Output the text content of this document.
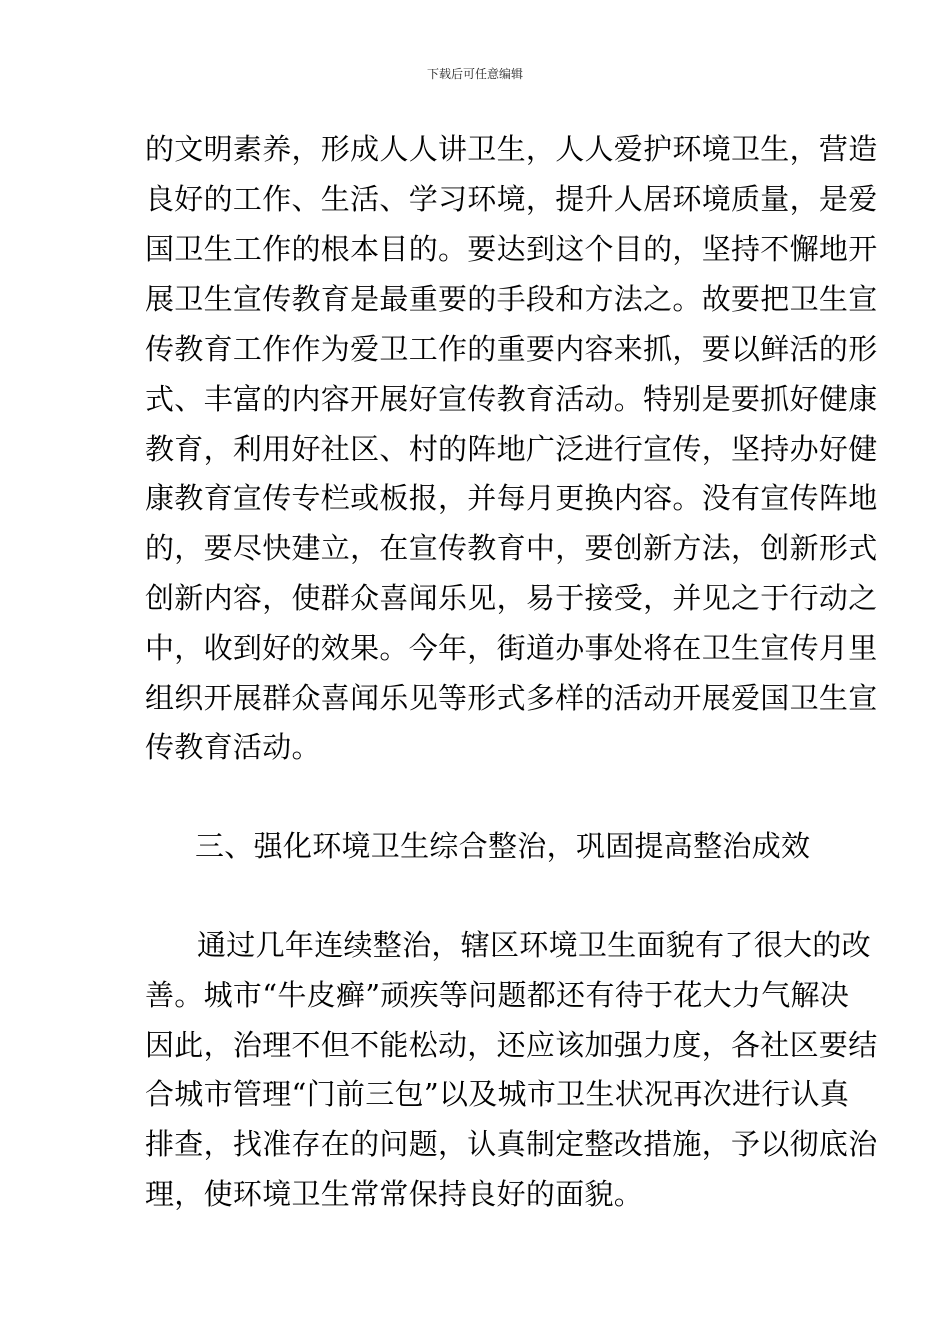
下载后可任意编辑
的文明素养，形成人人讲卫生，人人爱护环境卫生，营造
良好的工作、生活、学习环境，提升人居环境质量，是爱
国卫生工作的根本目的。要达到这个目的，坚持不懈地开
展卫生宣传教育是最重要的手段和方法之。故要把卫生宣
传教育工作作为爱卫工作的重要内容来抓，要以鲜活的形
式、丰富的内容开展好宣传教育活动。特别是要抓好健康
教育，利用好社区、村的阵地广泛进行宣传，坚持办好健
康教育宣传专栏或板报，并每月更换内容。没有宣传阵地
的，要尽快建立，在宣传教育中，要创新方法，创新形式
创新内容，使群众喜闻乐见，易于接受，并见之于行动之
中，收到好的效果。今年，街道办事处将在卫生宣传月里
组织开展群众喜闻乐见等形式多样的活动开展爱国卫生宣
传教育活动。
三、强化环境卫生综合整治，巩固提高整治成效
通过几年连续整治，辖区环境卫生面貌有了很大的改
善。城市“牛皮癣”顽疾等问题都还有待于花大力气解决
因此，治理不但不能松动，还应该加强力度，各社区要结
合城市管理“门前三包”以及城市卫生状况再次进行认真
排查，找准存在的问题，认真制定整改措施，予以彻底治
理，使环境卫生常常保持良好的面貌。
